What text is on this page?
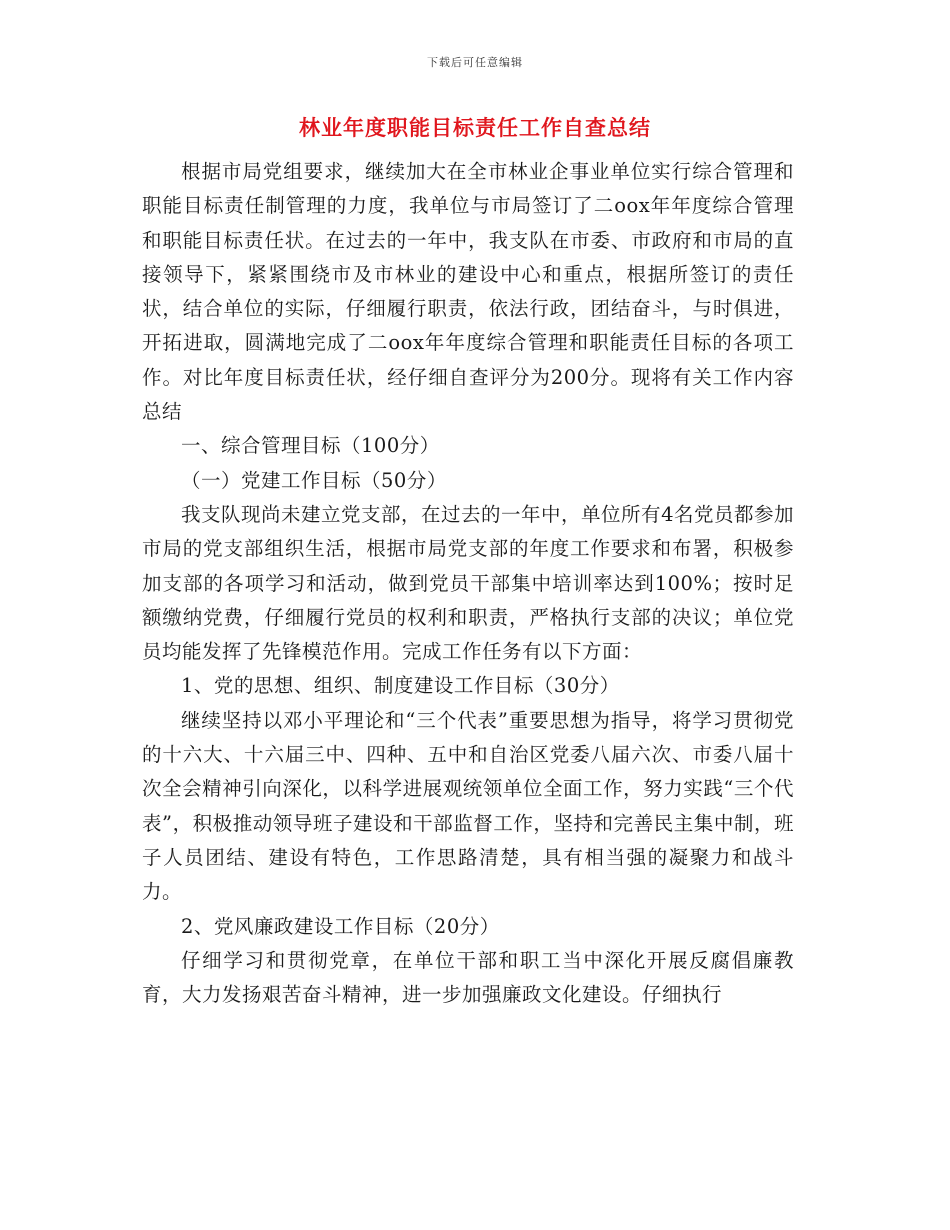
下载后可任意编辑
林业年度职能目标责任工作自查总结

根据市局党组要求，继续加大在全市林业企事业单位实行综合管理和职能目标责任制管理的力度，我单位与市局签订了二oox年年度综合管理和职能目标责任状。在过去的一年中，我支队在市委、市政府和市局的直接领导下，紧紧围绕市及市林业的建设中心和重点，根据所签订的责任状，结合单位的实际，仔细履行职责，依法行政，团结奋斗，与时俱进，开拓进取，圆满地完成了二oox年年度综合管理和职能责任目标的各项工作。对比年度目标责任状，经仔细自查评分为200分。现将有关工作内容总结

一、综合管理目标（100分）

（一）党建工作目标（50分）

我支队现尚未建立党支部，在过去的一年中，单位所有4名党员都参加市局的党支部组织生活，根据市局党支部的年度工作要求和布署，积极参加支部的各项学习和活动，做到党员干部集中培训率达到100%；按时足额缴纳党费，仔细履行党员的权利和职责，严格执行支部的决议；单位党员均能发挥了先锋模范作用。完成工作任务有以下方面：

1、党的思想、组织、制度建设工作目标（30分）

继续坚持以邓小平理论和“三个代表”重要思想为指导，将学习贯彻党的十六大、十六届三中、四种、五中和自治区党委八届六次、市委八届十次全会精神引向深化，以科学进展观统领单位全面工作，努力实践“三个代表”，积极推动领导班子建设和干部监督工作，坚持和完善民主集中制，班子人员团结、建设有特色，工作思路清楚，具有相当强的凝聚力和战斗力。

2、党风廉政建设工作目标（20分）

仔细学习和贯彻党章，在单位干部和职工当中深化开展反腐倡廉教育，大力发扬艰苦奋斗精神，进一步加强廉政文化建设。仔细执行
